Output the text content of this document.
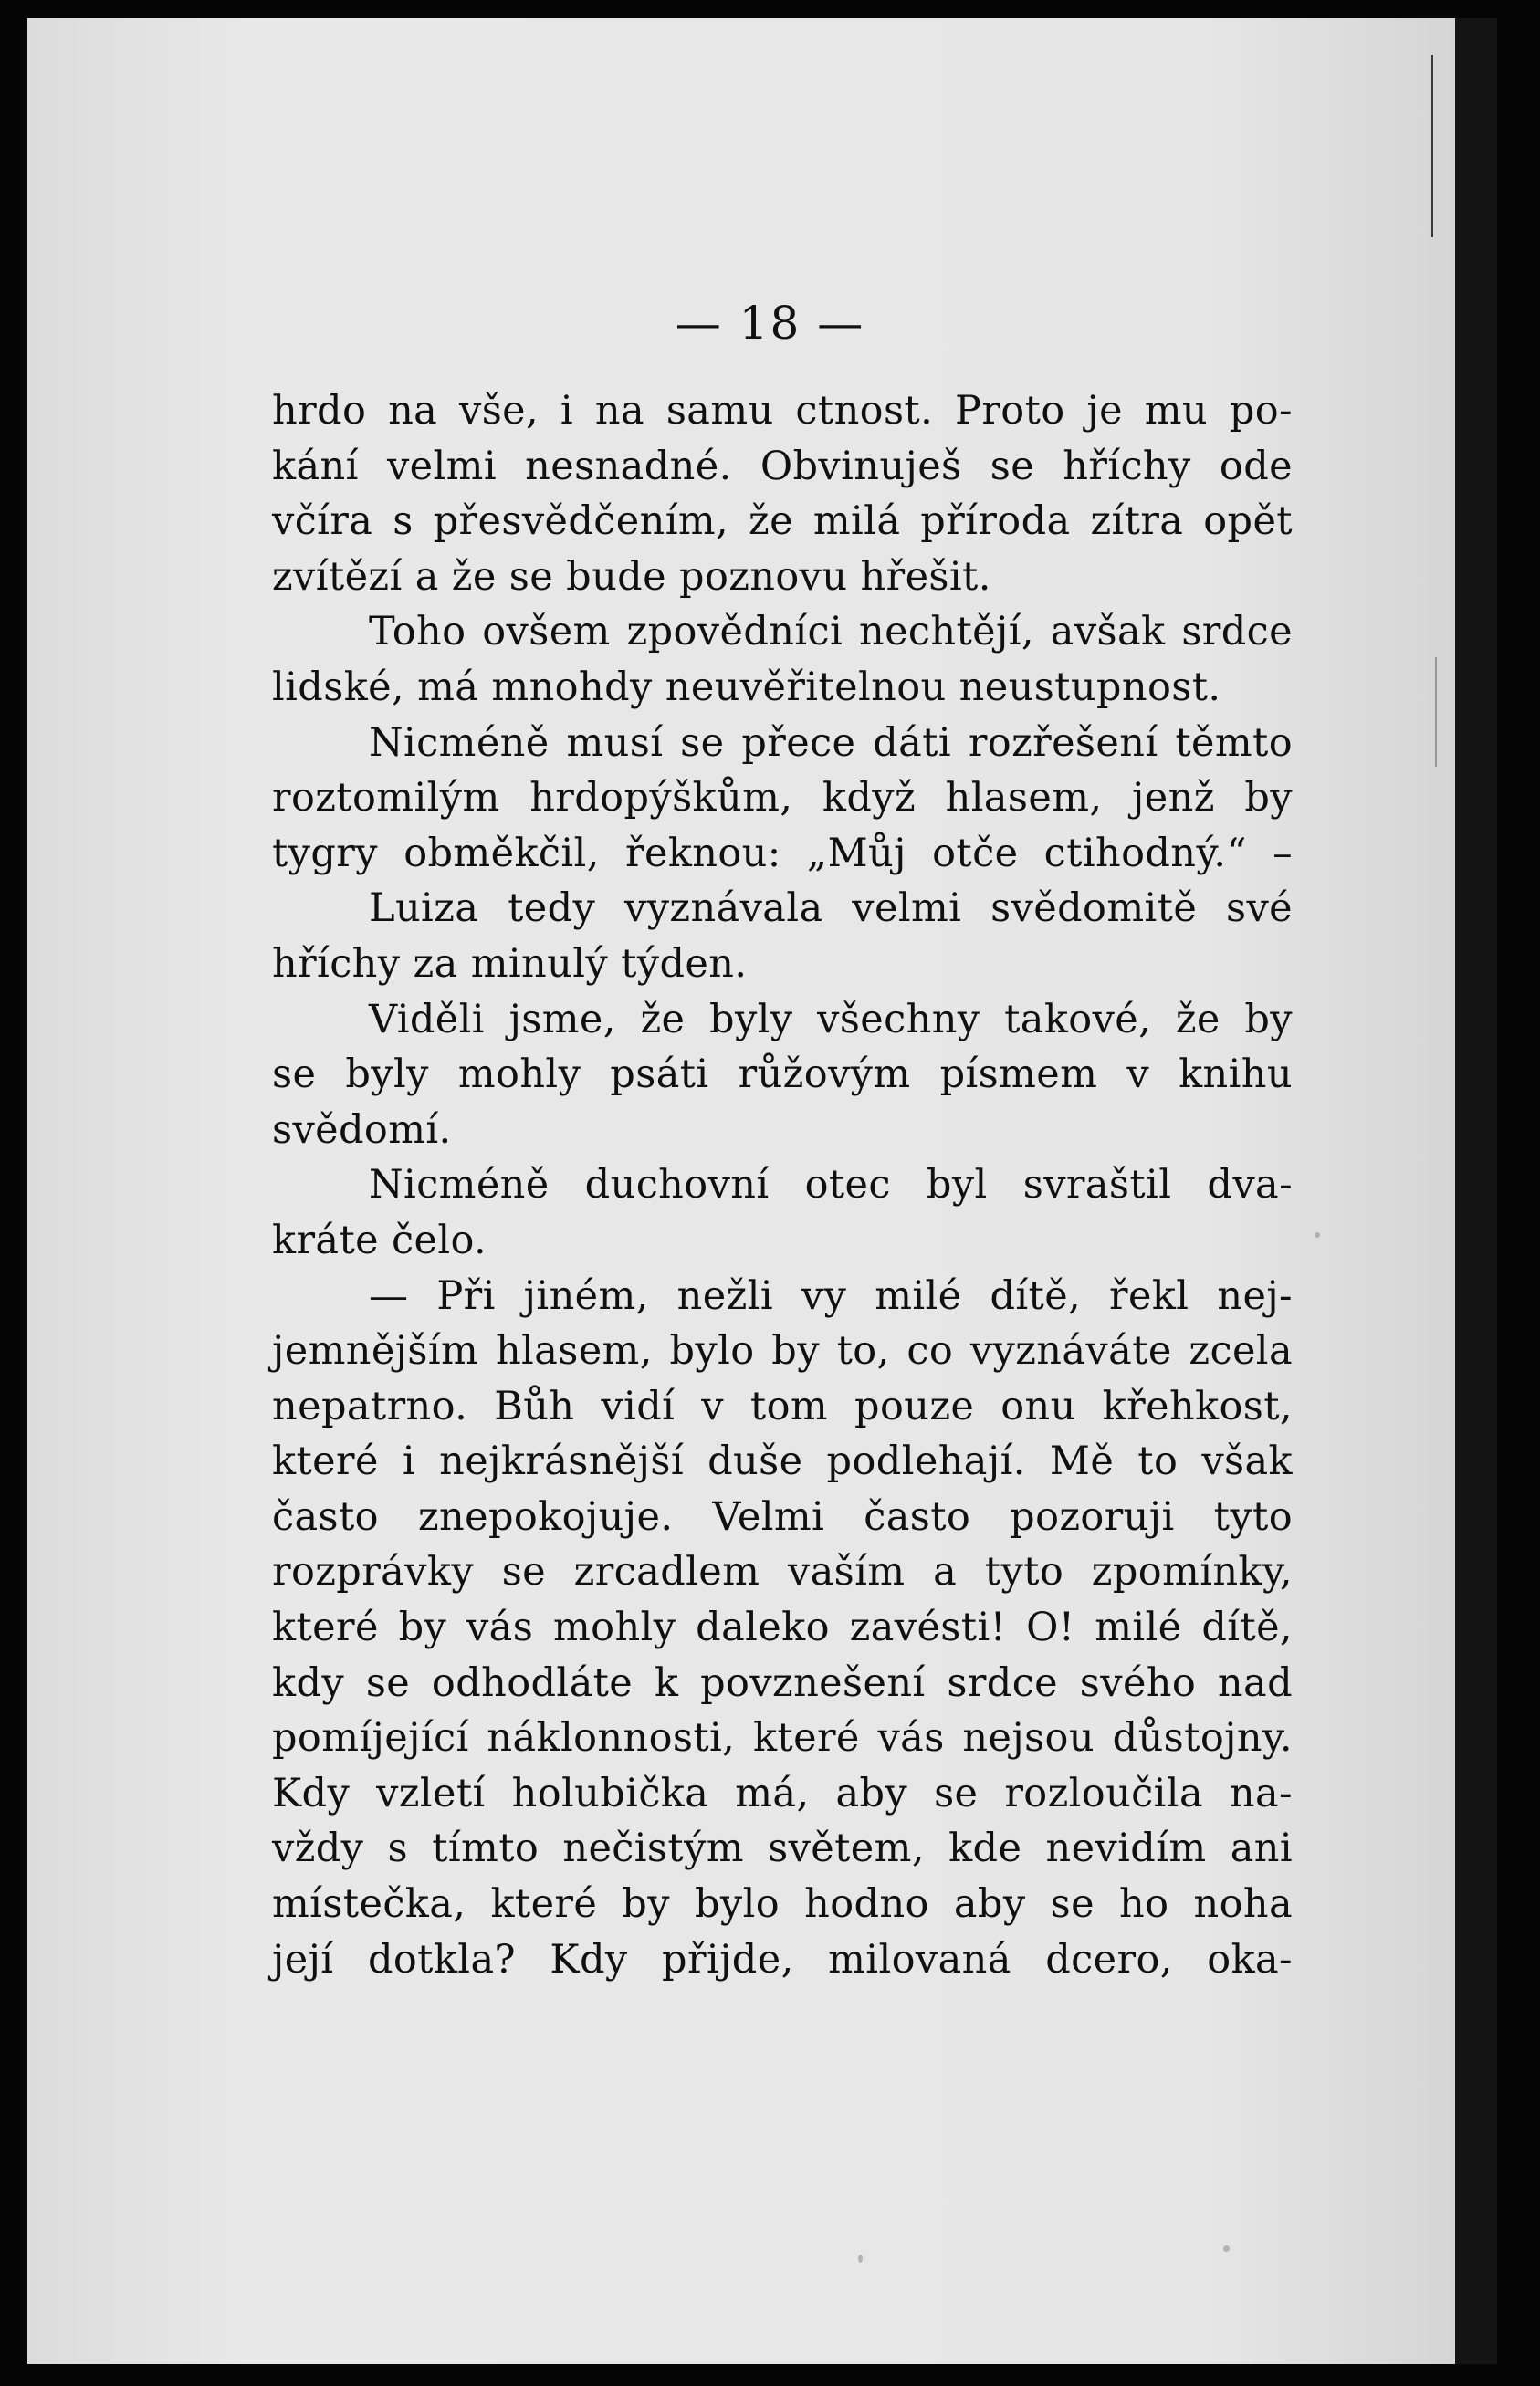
— 18 —
hrdo na vše, i na samu ctnost. Proto je mu po-
kání velmi nesnadné. Obvinuješ se hříchy ode
včíra s přesvědčením, že milá příroda zítra opět
zvítězí a že se bude poznovu hřešit.
Toho ovšem zpovědníci nechtějí, avšak srdce
lidské, má mnohdy neuvěřitelnou neustupnost.
Nicméně musí se přece dáti rozřešení těmto
roztomilým hrdopýškům, když hlasem, jenž by
tygry obměkčil, řeknou: „Můj otče ctihodný.“ –
Luiza tedy vyznávala velmi svědomitě své
hříchy za minulý týden.
Viděli jsme, že byly všechny takové, že by
se byly mohly psáti růžovým písmem v knihu
svědomí.
Nicméně duchovní otec byl svraštil dva-
kráte čelo.
— Při jiném, nežli vy milé dítě, řekl nej-
jemnějším hlasem, bylo by to, co vyznáváte zcela
nepatrno. Bůh vidí v tom pouze onu křehkost,
které i nejkrásnější duše podlehají. Mě to však
často znepokojuje. Velmi často pozoruji tyto
rozprávky se zrcadlem vaším a tyto zpomínky,
které by vás mohly daleko zavésti! O! milé dítě,
kdy se odhodláte k povznešení srdce svého nad
pomíjející náklonnosti, které vás nejsou důstojny.
Kdy vzletí holubička má, aby se rozloučila na-
vždy s tímto nečistým světem, kde nevidím ani
místečka, které by bylo hodno aby se ho noha
její dotkla? Kdy přijde, milovaná dcero, oka-
